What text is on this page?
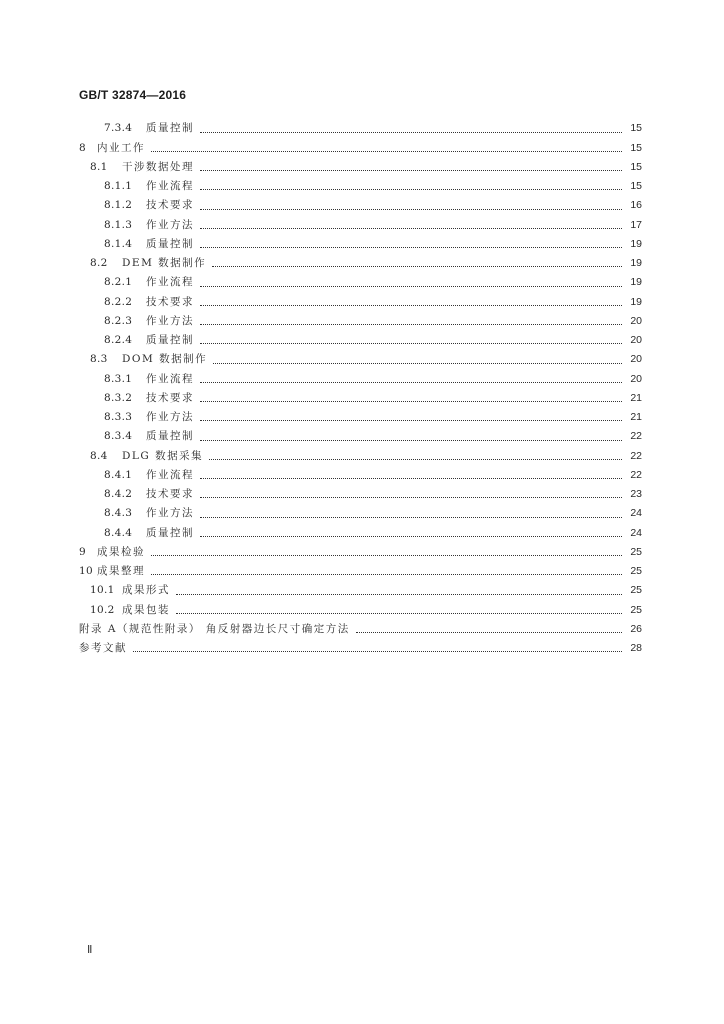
GB/T 32874—2016
7.3.4	质量控制	15
8	内业工作	15
8.1	干涉数据处理	15
8.1.1	作业流程	15
8.1.2	技术要求	16
8.1.3	作业方法	17
8.1.4	质量控制	19
8.2	DEM 数据制作	19
8.2.1	作业流程	19
8.2.2	技术要求	19
8.2.3	作业方法	20
8.2.4	质量控制	20
8.3	DOM 数据制作	20
8.3.1	作业流程	20
8.3.2	技术要求	21
8.3.3	作业方法	21
8.3.4	质量控制	22
8.4	DLG 数据采集	22
8.4.1	作业流程	22
8.4.2	技术要求	23
8.4.3	作业方法	24
8.4.4	质量控制	24
9	成果检验	25
10 成果整理	25
10.1 成果形式	25
10.2 成果包装	25
附录 A（规范性附录） 角反射器边长尺寸确定方法	26
参考文献	28
Ⅱ
